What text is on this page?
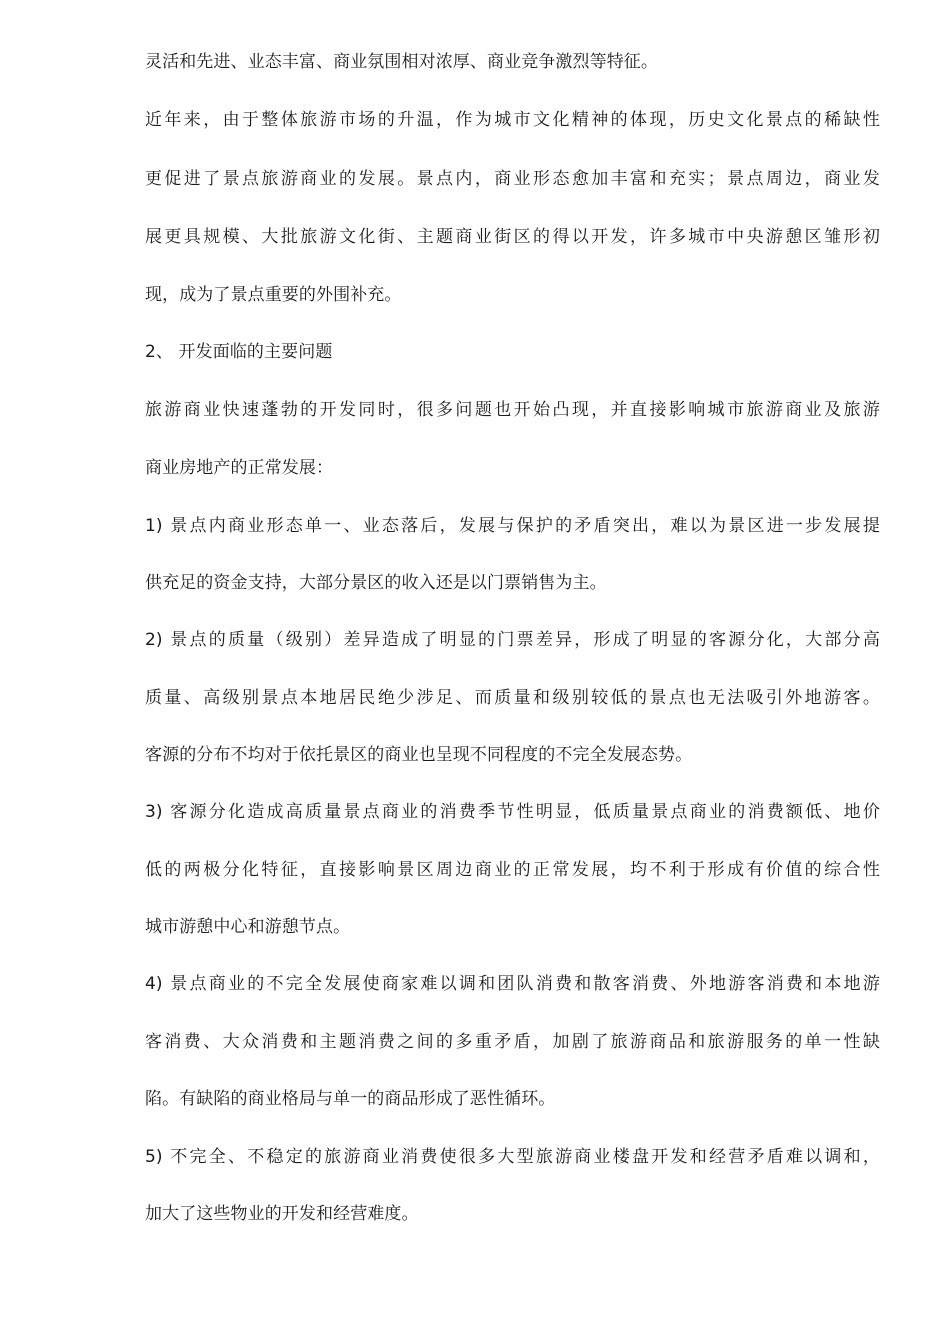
灵活和先进、业态丰富、商业氛围相对浓厚、商业竞争激烈等特征。
近年来，由于整体旅游市场的升温，作为城市文化精神的体现，历史文化景点的稀缺性
更促进了景点旅游商业的发展。景点内，商业形态愈加丰富和充实；景点周边，商业发
展更具规模、大批旅游文化街、主题商业街区的得以开发，许多城市中央游憩区雏形初
现，成为了景点重要的外围补充。
2、 开发面临的主要问题
旅游商业快速蓬勃的开发同时，很多问题也开始凸现，并直接影响城市旅游商业及旅游
商业房地产的正常发展：
1) 景点内商业形态单一、业态落后，发展与保护的矛盾突出，难以为景区进一步发展提
供充足的资金支持，大部分景区的收入还是以门票销售为主。
2) 景点的质量（级别）差异造成了明显的门票差异，形成了明显的客源分化，大部分高
质量、高级别景点本地居民绝少涉足、而质量和级别较低的景点也无法吸引外地游客。
客源的分布不均对于依托景区的商业也呈现不同程度的不完全发展态势。
3) 客源分化造成高质量景点商业的消费季节性明显，低质量景点商业的消费额低、地价
低的两极分化特征，直接影响景区周边商业的正常发展，均不利于形成有价值的综合性
城市游憩中心和游憩节点。
4) 景点商业的不完全发展使商家难以调和团队消费和散客消费、外地游客消费和本地游
客消费、大众消费和主题消费之间的多重矛盾，加剧了旅游商品和旅游服务的单一性缺
陷。有缺陷的商业格局与单一的商品形成了恶性循环。
5) 不完全、不稳定的旅游商业消费使很多大型旅游商业楼盘开发和经营矛盾难以调和，
加大了这些物业的开发和经营难度。
